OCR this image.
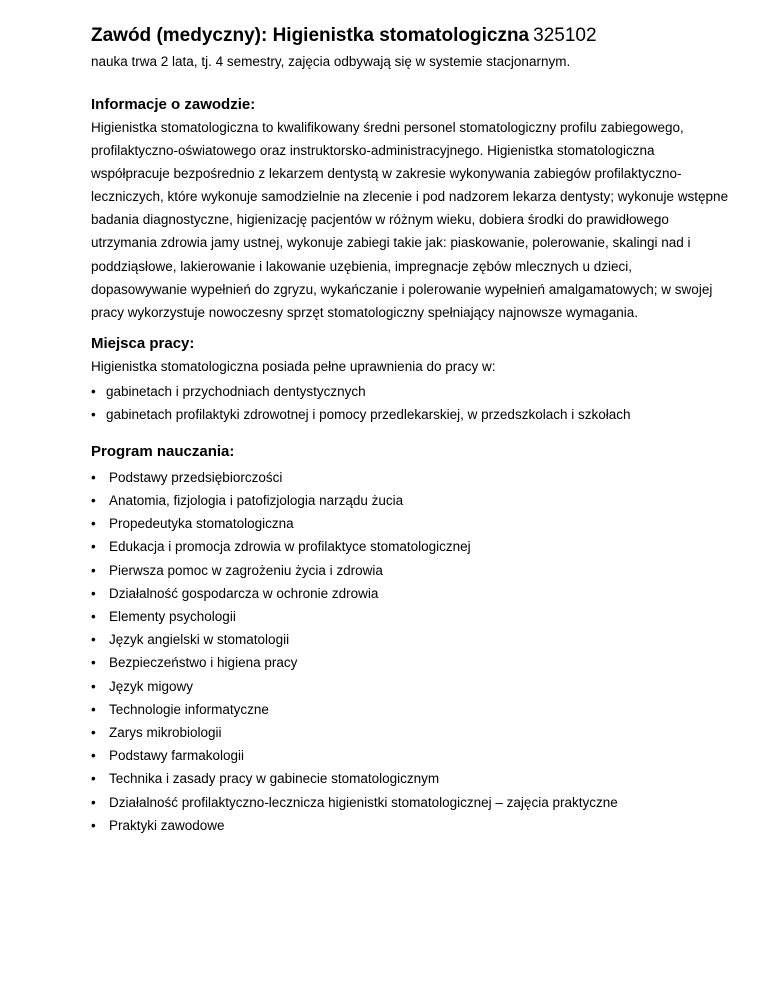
Zawód (medyczny): Higienistka stomatologiczna 325102

nauka trwa 2 lata, tj. 4 semestry, zajęcia odbywają się w systemie stacjonarnym.

Informacje o zawodzie:

Higienistka stomatologiczna to kwalifikowany średni personel stomatologiczny profilu zabiegowego, profilaktyczno-oświatowego oraz instruktorsko-administracyjnego. Higienistka stomatologiczna współpracuje bezpośrednio z lekarzem dentystą w zakresie wykonywania zabiegów profilaktyczno-leczniczych, które wykonuje samodzielnie na zlecenie i pod nadzorem lekarza dentysty; wykonuje wstępne badania diagnostyczne, higienizację pacjentów w różnym wieku, dobiera środki do prawidłowego utrzymania zdrowia jamy ustnej, wykonuje zabiegi takie jak: piaskowanie, polerowanie, skalingi nad i poddziąsłowe, lakierowanie i lakowanie uzębienia, impregnacje zębów mlecznych u dzieci, dopasowywanie wypełnień do zgryzu, wykańczanie i polerowanie wypełnień amalgamatowych; w swojej pracy wykorzystuje nowoczesny sprzęt stomatologiczny spełniający najnowsze wymagania.

Miejsca pracy:

Higienistka stomatologiczna posiada pełne uprawnienia do pracy w:

• gabinetach i przychodniach dentystycznych
• gabinetach profilaktyki zdrowotnej i pomocy przedlekarskiej, w przedszkolach i szkołach
Program nauczania:
• Podstawy przedsiębiorczości
• Anatomia, fizjologia i patofizjologia narządu żucia
• Propedeutyka stomatologiczna
• Edukacja i promocja zdrowia w profilaktyce stomatologicznej
• Pierwsza pomoc w zagrożeniu życia i zdrowia
• Działalność gospodarcza w ochronie zdrowia
• Elementy psychologii
• Język angielski w stomatologii
• Bezpieczeństwo i higiena pracy
• Język migowy
• Technologie informatyczne
• Zarys mikrobiologii
• Podstawy farmakologii
• Technika i zasady pracy w gabinecie stomatologicznym
• Działalność profilaktyczno-lecznicza higienistki stomatologicznej – zajęcia praktyczne
• Praktyki zawodowe
